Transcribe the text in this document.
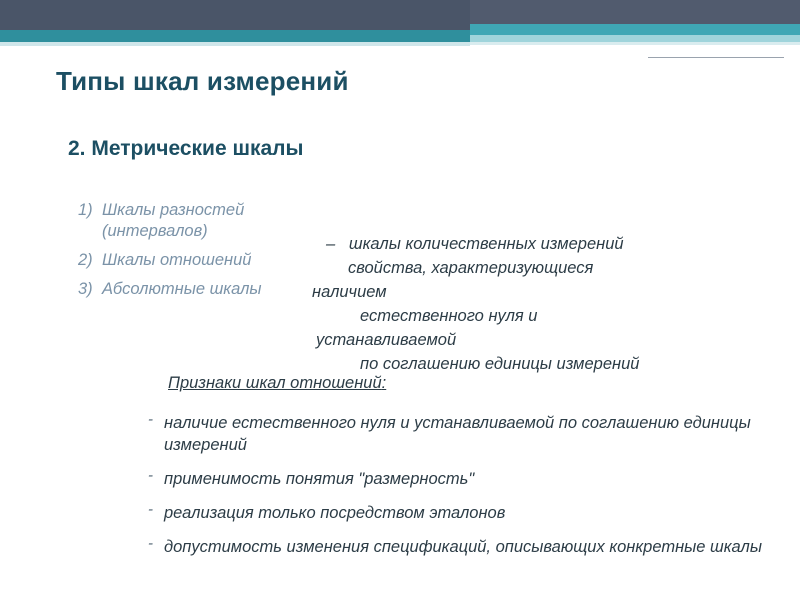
Типы шкал измерений
2. Метрические шкалы
1) Шкалы разностей (интервалов)
2) Шкалы отношений
3) Абсолютные шкалы
–   шкалы количественных измерений
свойства, характеризующиеся
наличием
естественного нуля и
устанавливаемой
по соглашению единицы измерений
Признаки шкал отношений:
- наличие естественного нуля и устанавливаемой по соглашению единицы измерений
- применимость понятия "размерность"
- реализация только посредством эталонов
- допустимость изменения спецификаций, описывающих конкретные шкалы
